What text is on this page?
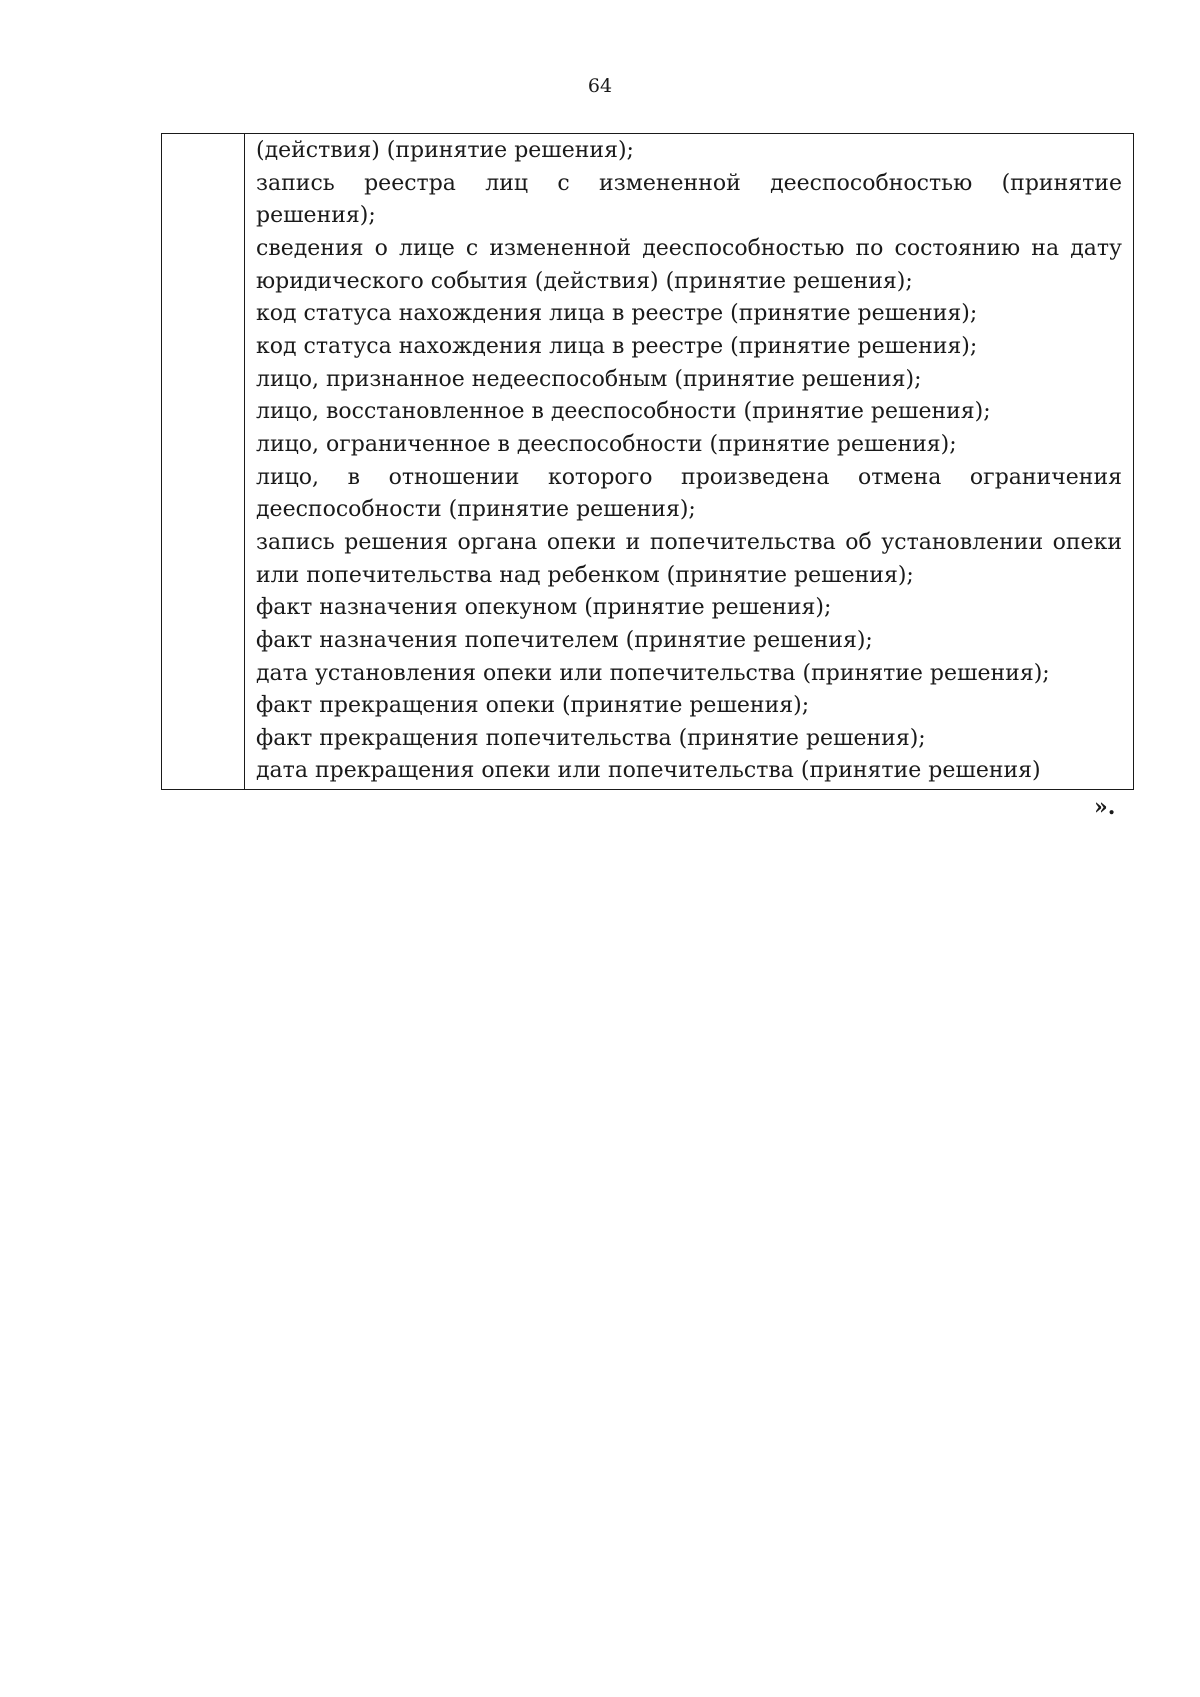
64

(действия) (принятие решения);

запись реестра лиц с измененной дееспособностью (принятие

решения);

сведения о лице с измененной дееспособностью по состоянию на дату

юридического события (действия) (принятие решения);

код статуса нахождения лица в реестре (принятие решения);

код статуса нахождения лица в реестре (принятие решения);

лицо, признанное недееспособным (принятие решения);

лицо, восстановленное в дееспособности (принятие решения);

лицо, ограниченное в дееспособности (принятие решения);

лицо, в отношении которого произведена отмена ограничения

дееспособности (принятие решения);

запись решения органа опеки и попечительства об установлении опеки

или попечительства над ребенком (принятие решения);

факт назначения опекуном (принятие решения);

факт назначения попечителем (принятие решения);

дата установления опеки или попечительства (принятие решения);

факт прекращения опеки (принятие решения);

факт прекращения попечительства (принятие решения);

дата прекращения опеки или попечительства (принятие решения)

».
